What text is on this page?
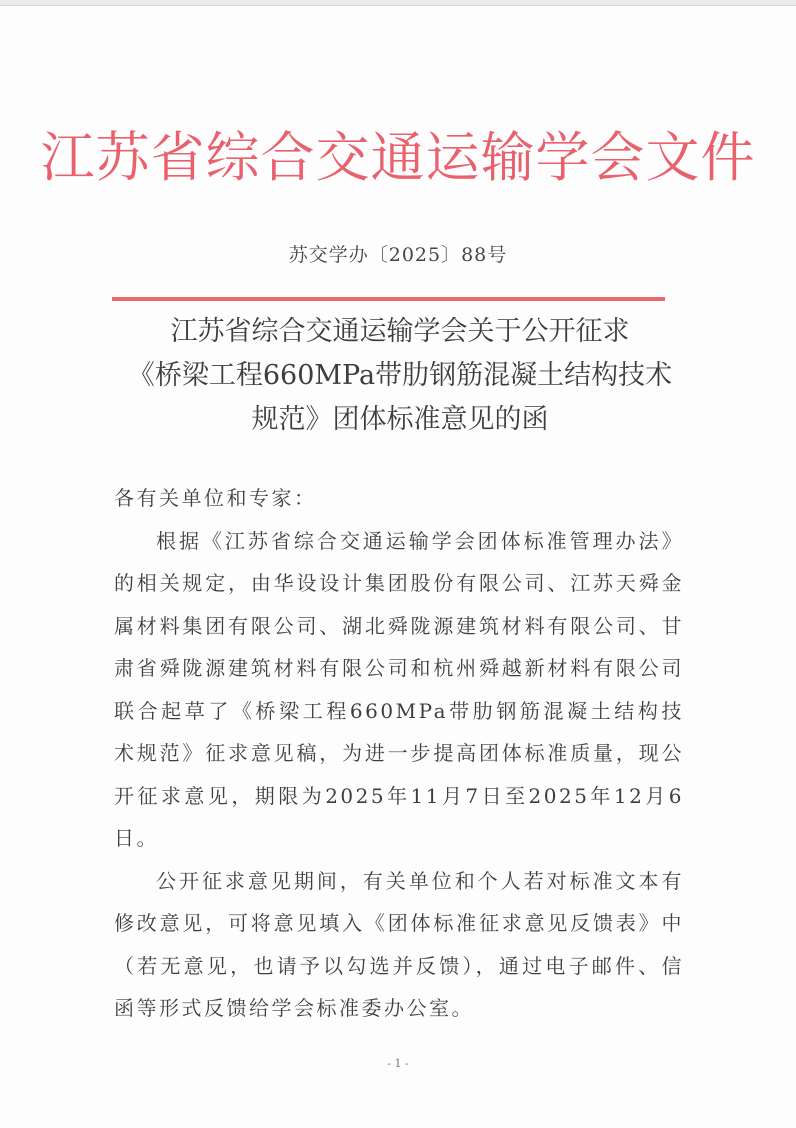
江苏省综合交通运输学会文件
苏交学办〔2025〕88号
江苏省综合交通运输学会关于公开征求
《桥梁工程660MPa带肋钢筋混凝土结构技术
规范》团体标准意见的函

各有关单位和专家：

根据《江苏省综合交通运输学会团体标准管理办法》的相关规定，由华设设计集团股份有限公司、江苏天舜金属材料集团有限公司、湖北舜陇源建筑材料有限公司、甘肃省舜陇源建筑材料有限公司和杭州舜越新材料有限公司联合起草了《桥梁工程660MPa带肋钢筋混凝土结构技术规范》征求意见稿，为进一步提高团体标准质量，现公开征求意见，期限为2025年11月7日至2025年12月6日。

公开征求意见期间，有关单位和个人若对标准文本有修改意见，可将意见填入《团体标准征求意见反馈表》中（若无意见，也请予以勾选并反馈），通过电子邮件、信函等形式反馈给学会标准委办公室。

- 1 -
